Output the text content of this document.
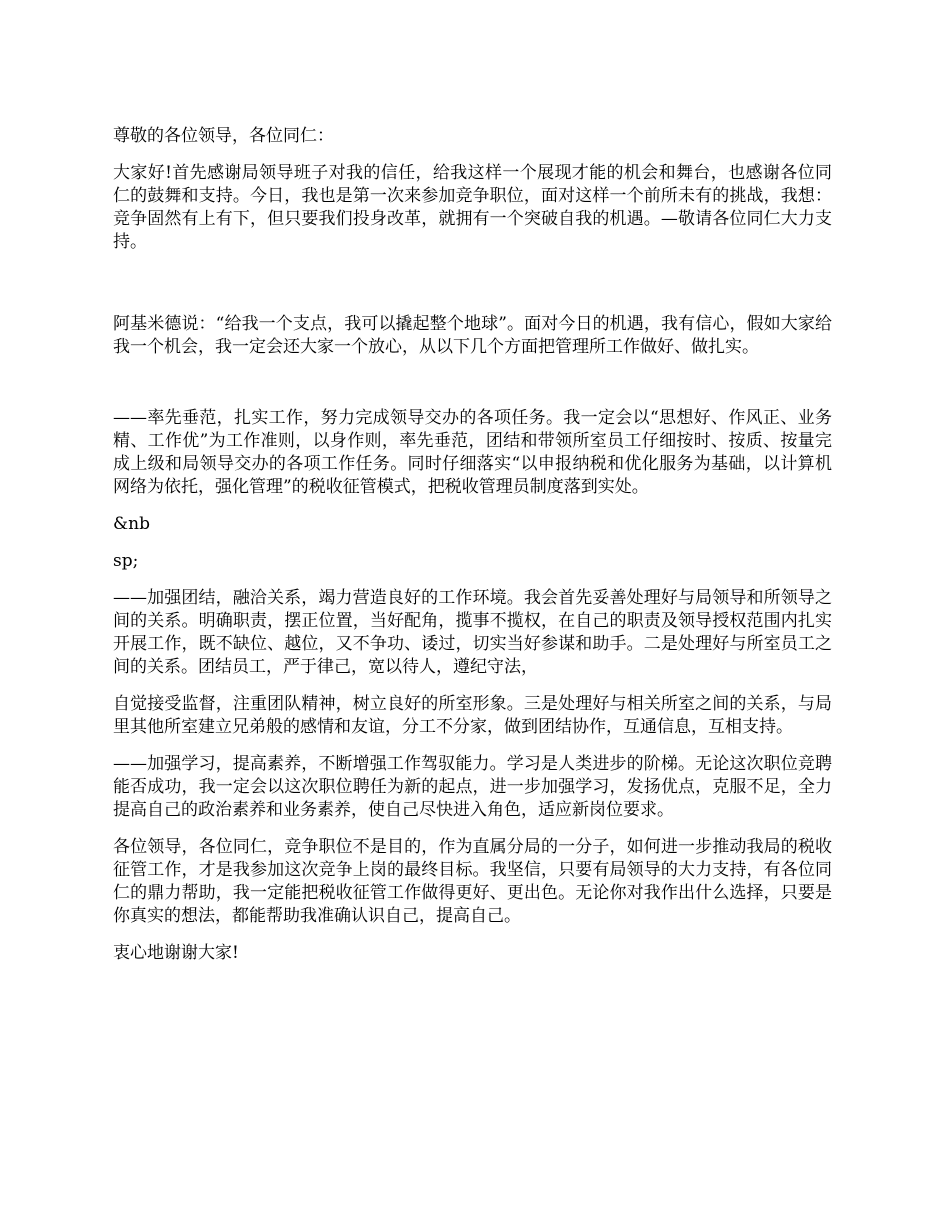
尊敬的各位领导，各位同仁：

大家好!首先感谢局领导班子对我的信任，给我这样一个展现才能的机会和舞台，也感谢各位同仁的鼓舞和支持。今日，我也是第一次来参加竞争职位，面对这样一个前所未有的挑战，我想：竞争固然有上有下，但只要我们投身改革，就拥有一个突破自我的机遇。—敬请各位同仁大力支持。

阿基米德说：“给我一个支点，我可以撬起整个地球”。面对今日的机遇，我有信心，假如大家给我一个机会，我一定会还大家一个放心，从以下几个方面把管理所工作做好、做扎实。

——率先垂范，扎实工作，努力完成领导交办的各项任务。我一定会以“思想好、作风正、业务精、工作优”为工作准则，以身作则，率先垂范，团结和带领所室员工仔细按时、按质、按量完成上级和局领导交办的各项工作任务。同时仔细落实“以申报纳税和优化服务为基础，以计算机网络为依托，强化管理”的税收征管模式，把税收管理员制度落到实处。

&nb

sp;

——加强团结，融洽关系，竭力营造良好的工作环境。我会首先妥善处理好与局领导和所领导之间的关系。明确职责，摆正位置，当好配角，揽事不揽权，在自己的职责及领导授权范围内扎实开展工作，既不缺位、越位，又不争功、诿过，切实当好参谋和助手。二是处理好与所室员工之间的关系。团结员工，严于律己，宽以待人，遵纪守法，

自觉接受监督，注重团队精神，树立良好的所室形象。三是处理好与相关所室之间的关系，与局里其他所室建立兄弟般的感情和友谊，分工不分家，做到团结协作，互通信息，互相支持。

——加强学习，提高素养，不断增强工作驾驭能力。学习是人类进步的阶梯。无论这次职位竞聘能否成功，我一定会以这次职位聘任为新的起点，进一步加强学习，发扬优点，克服不足，全力提高自己的政治素养和业务素养，使自己尽快进入角色，适应新岗位要求。

各位领导，各位同仁，竞争职位不是目的，作为直属分局的一分子，如何进一步推动我局的税收征管工作，才是我参加这次竞争上岗的最终目标。我坚信，只要有局领导的大力支持，有各位同仁的鼎力帮助，我一定能把税收征管工作做得更好、更出色。无论你对我作出什么选择，只要是你真实的想法，都能帮助我准确认识自己，提高自己。

衷心地谢谢大家!
